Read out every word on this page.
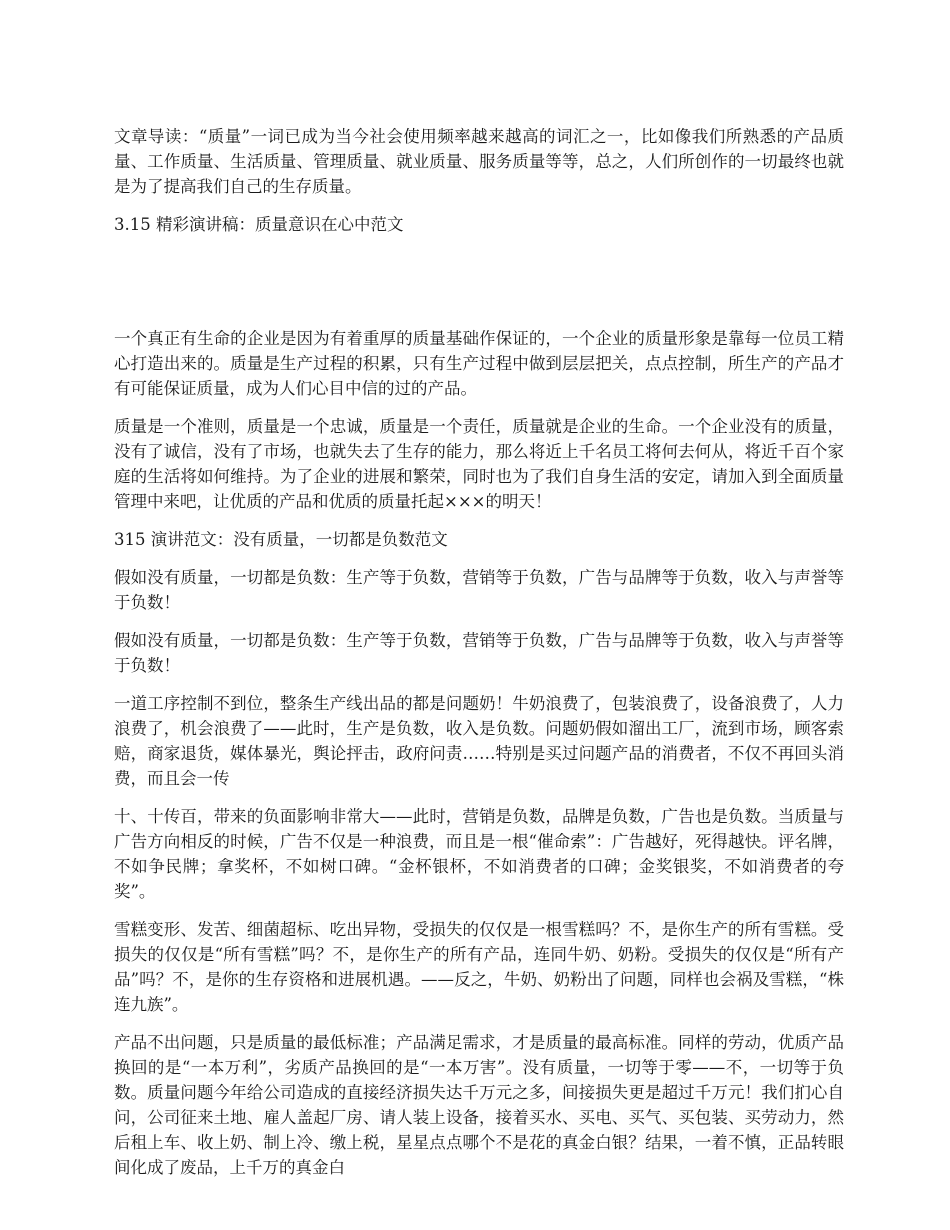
文章导读：“质量”一词已成为当今社会使用频率越来越高的词汇之一，比如像我们所熟悉的产品质量、工作质量、生活质量、管理质量、就业质量、服务质量等等，总之，人们所创作的一切最终也就是为了提高我们自己的生存质量。

3.15 精彩演讲稿：质量意识在心中范文

一个真正有生命的企业是因为有着重厚的质量基础作保证的，一个企业的质量形象是靠每一位员工精心打造出来的。质量是生产过程的积累，只有生产过程中做到层层把关，点点控制，所生产的产品才有可能保证质量，成为人们心目中信的过的产品。

质量是一个准则，质量是一个忠诚，质量是一个责任，质量就是企业的生命。一个企业没有的质量，没有了诚信，没有了市场，也就失去了生存的能力，那么将近上千名员工将何去何从，将近千百个家庭的生活将如何维持。为了企业的进展和繁荣，同时也为了我们自身生活的安定，请加入到全面质量管理中来吧，让优质的产品和优质的质量托起×××的明天！

315 演讲范文：没有质量，一切都是负数范文

假如没有质量，一切都是负数：生产等于负数，营销等于负数，广告与品牌等于负数，收入与声誉等于负数！

假如没有质量，一切都是负数：生产等于负数，营销等于负数，广告与品牌等于负数，收入与声誉等于负数！

一道工序控制不到位，整条生产线出品的都是问题奶！牛奶浪费了，包装浪费了，设备浪费了，人力浪费了，机会浪费了——此时，生产是负数，收入是负数。问题奶假如溜出工厂，流到市场，顾客索赔，商家退货，媒体暴光，舆论抨击，政府问责……特别是买过问题产品的消费者，不仅不再回头消费，而且会一传

十、十传百，带来的负面影响非常大——此时，营销是负数，品牌是负数，广告也是负数。当质量与广告方向相反的时候，广告不仅是一种浪费，而且是一根“催命索”：广告越好，死得越快。评名牌，不如争民牌；拿奖杯，不如树口碑。“金杯银杯，不如消费者的口碑；金奖银奖，不如消费者的夸奖”。

雪糕变形、发苦、细菌超标、吃出异物，受损失的仅仅是一根雪糕吗？不，是你生产的所有雪糕。受损失的仅仅是“所有雪糕”吗？不，是你生产的所有产品，连同牛奶、奶粉。受损失的仅仅是“所有产品”吗？不，是你的生存资格和进展机遇。——反之，牛奶、奶粉出了问题，同样也会祸及雪糕，“株连九族”。

产品不出问题，只是质量的最低标准；产品满足需求，才是质量的最高标准。同样的劳动，优质产品换回的是“一本万利”，劣质产品换回的是“一本万害”。没有质量，一切等于零——不，一切等于负数。质量问题今年给公司造成的直接经济损失达千万元之多，间接损失更是超过千万元！我们扪心自问，公司征来土地、雇人盖起厂房、请人装上设备，接着买水、买电、买气、买包装、买劳动力，然后租上车、收上奶、制上冷、缴上税，星星点点哪个不是花的真金白银？结果，一着不慎，正品转眼间化成了废品，上千万的真金白
